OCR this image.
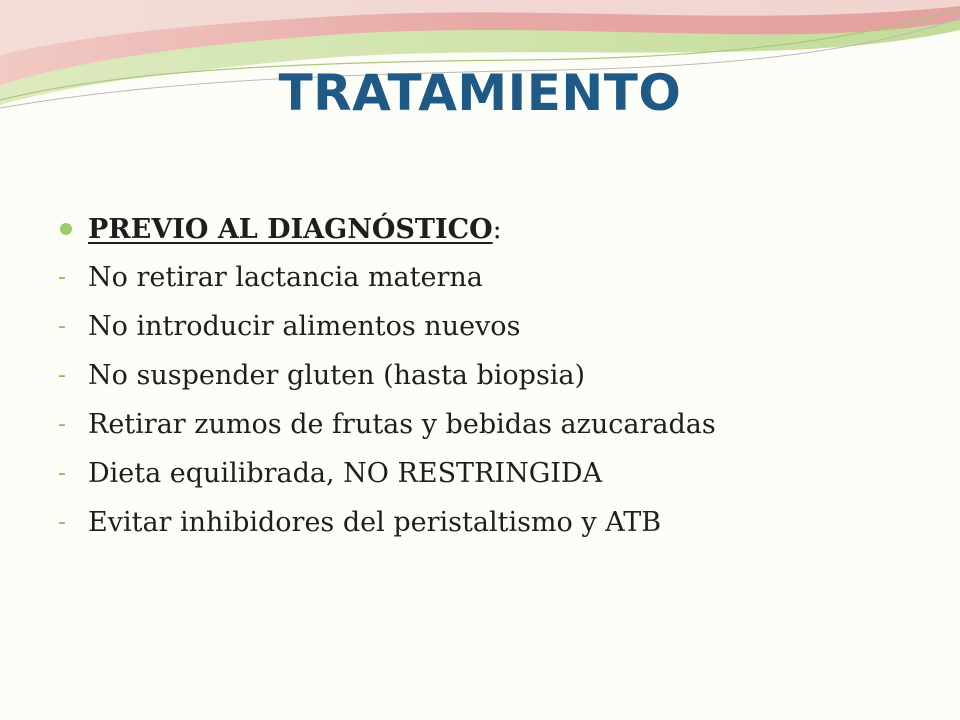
TRATAMIENTO
PREVIO AL DIAGNÓSTICO :
- No retirar lactancia materna
- No introducir alimentos nuevos
- No suspender gluten (hasta biopsia)
- Retirar zumos de frutas y bebidas azucaradas
- Dieta equilibrada, NO RESTRINGIDA
- Evitar inhibidores del peristaltismo y ATB
